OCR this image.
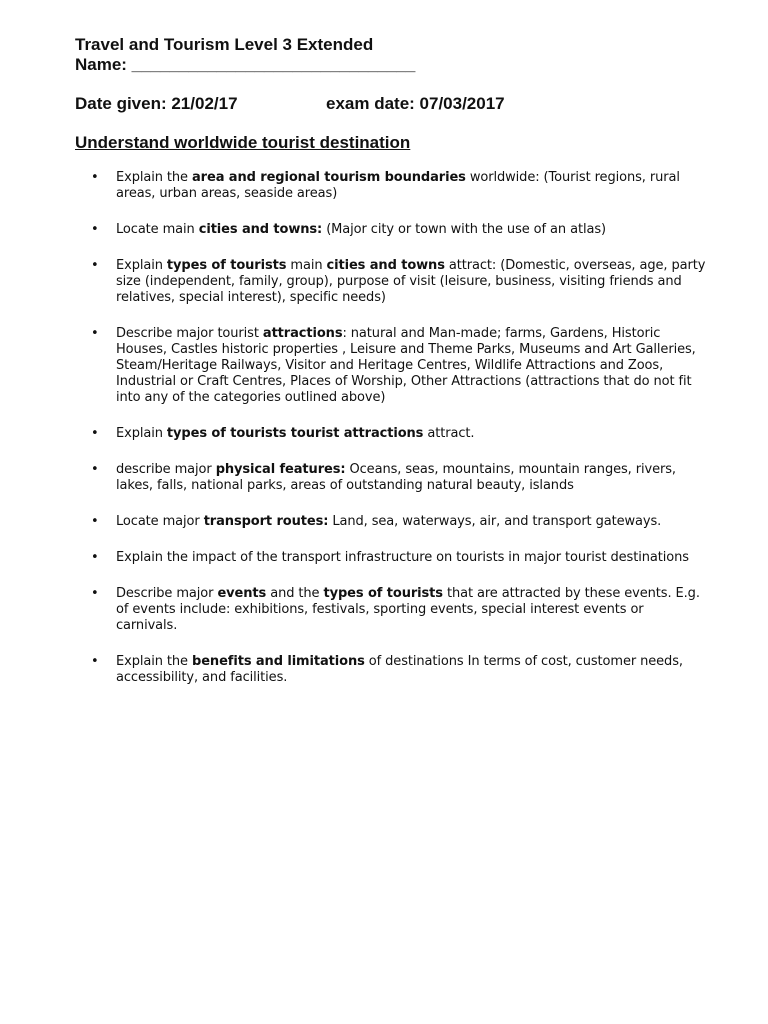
Travel and Tourism Level 3 Extended
Name: ______________________________
Date given: 21/02/17	exam date: 07/03/2017
Understand worldwide tourist destination
• Explain the area and regional tourism boundaries worldwide: (Tourist regions, rural areas, urban areas, seaside areas)
• Locate main cities and towns: (Major city or town with the use of an atlas)
• Explain types of tourists main cities and towns attract: (Domestic, overseas, age, party size (independent, family, group), purpose of visit (leisure, business, visiting friends and relatives, special interest), specific needs)
• Describe major tourist attractions: natural and Man-made; farms, Gardens, Historic Houses, Castles historic properties , Leisure and Theme Parks, Museums and Art Galleries, Steam/Heritage Railways, Visitor and Heritage Centres, Wildlife Attractions and Zoos, Industrial or Craft Centres, Places of Worship, Other Attractions (attractions that do not fit into any of the categories outlined above)
• Explain types of tourists tourist attractions attract.
• describe major physical features: Oceans, seas, mountains, mountain ranges, rivers, lakes, falls, national parks, areas of outstanding natural beauty, islands
• Locate major transport routes: Land, sea, waterways, air, and transport gateways.
• Explain the impact of the transport infrastructure on tourists in major tourist destinations
• Describe major events and the types of tourists that are attracted by these events. E.g. of events include: exhibitions, festivals, sporting events, special interest events or carnivals.
• Explain the benefits and limitations of destinations In terms of cost, customer needs, accessibility, and facilities.
